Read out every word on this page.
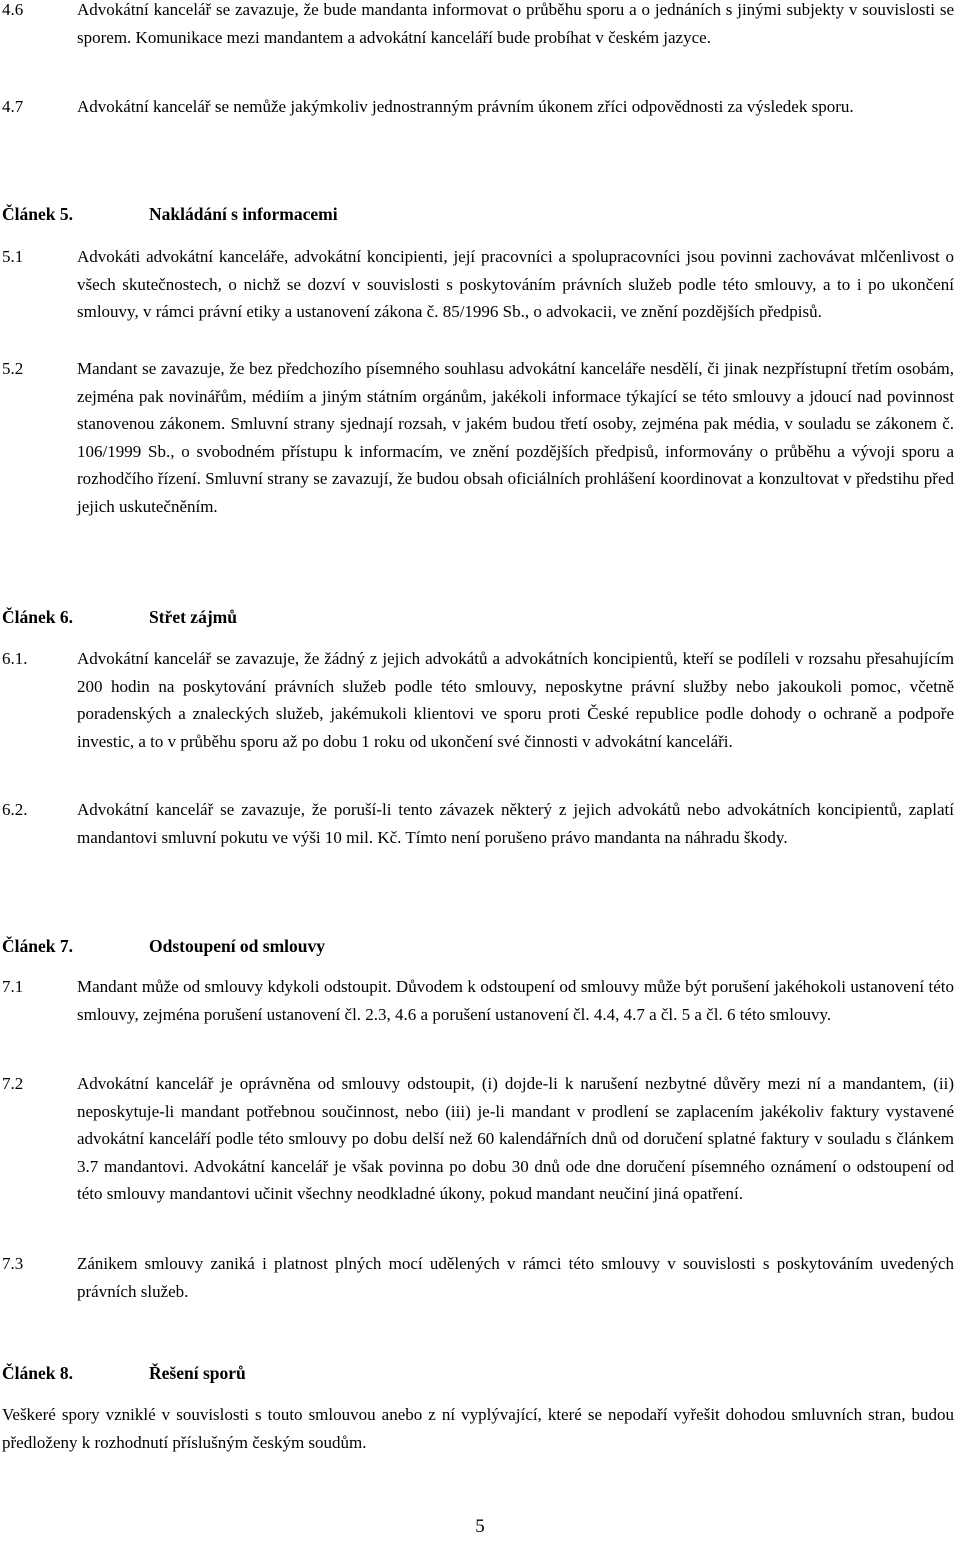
4.6	Advokátní kancelář se zavazuje, že bude mandanta informovat o průběhu sporu a o jednáních s jinými subjekty v souvislosti se sporem. Komunikace mezi mandantem a advokátní kanceláří bude probíhat v českém jazyce.
4.7	Advokátní kancelář se nemůže jakýmkoliv jednostranným právním úkonem zříci odpovědnosti za výsledek sporu.
Článek 5.	Nakládání s informacemi
5.1	Advokáti advokátní kanceláře, advokátní koncipienti, její pracovníci a spolupracovníci jsou povinni zachovávat mlčenlivost o všech skutečnostech, o nichž se dozví v souvislosti s poskytováním právních služeb podle této smlouvy, a to i po ukončení smlouvy, v rámci právní etiky a ustanovení zákona č. 85/1996 Sb., o advokacii, ve znění pozdějších předpisů.
5.2	Mandant se zavazuje, že bez předchozího písemného souhlasu advokátní kanceláře nesdělí, či jinak nezpřístupní třetím osobám, zejména pak novinářům, médiím a jiným státním orgánům, jakékoli informace týkající se této smlouvy a jdoucí nad povinnost stanovenou zákonem. Smluvní strany sjednají rozsah, v jakém budou třetí osoby, zejména pak média, v souladu se zákonem č. 106/1999 Sb., o svobodném přístupu k informacím, ve znění pozdějších předpisů, informovány o průběhu a vývoji sporu a rozhodčího řízení. Smluvní strany se zavazují, že budou obsah oficiálních prohlášení koordinovat a konzultovat v předstihu před jejich uskutečněním.
Článek 6.	Střet zájmů
6.1.	Advokátní kancelář se zavazuje, že žádný z jejich advokátů a advokátních koncipientů, kteří se podíleli v rozsahu přesahujícím 200 hodin na poskytování právních služeb podle této smlouvy, neposkytne právní služby nebo jakoukoli pomoc, včetně poradenských a znaleckých služeb, jakémukoli klientovi ve sporu proti České republice podle dohody o ochraně a podpoře investic, a to v průběhu sporu až po dobu 1 roku od ukončení své činnosti v advokátní kanceláři.
6.2.	Advokátní kancelář se zavazuje, že poruší-li tento závazek některý z jejich advokátů nebo advokátních koncipientů, zaplatí mandantovi smluvní pokutu ve výši 10 mil. Kč. Tímto není porušeno právo mandanta na náhradu škody.
Článek 7.	Odstoupení od smlouvy
7.1	Mandant může od smlouvy kdykoli odstoupit. Důvodem k odstoupení od smlouvy může být porušení jakéhokoli ustanovení této smlouvy, zejména porušení ustanovení čl. 2.3, 4.6 a porušení ustanovení čl. 4.4, 4.7 a čl. 5 a čl. 6 této smlouvy.
7.2	Advokátní kancelář je oprávněna od smlouvy odstoupit, (i) dojde-li k narušení nezbytné důvěry mezi ní a mandantem, (ii) neposkytuje-li mandant potřebnou součinnost, nebo (iii) je-li mandant v prodlení se zaplacením jakékoliv faktury vystavené advokátní kanceláří podle této smlouvy po dobu delší než 60 kalendářních dnů od doručení splatné faktury v souladu s článkem 3.7 mandantovi. Advokátní kancelář je však povinna po dobu 30 dnů ode dne doručení písemného oznámení o odstoupení od této smlouvy mandantovi učinit všechny neodkladné úkony, pokud mandant neučiní jiná opatření.
7.3	Zánikem smlouvy zaniká i platnost plných mocí udělených v rámci této smlouvy v souvislosti s poskytováním uvedených právních služeb.
Článek 8.	Řešení sporů
Veškeré spory vzniklé v souvislosti s touto smlouvou anebo z ní vyplývající, které se nepodaří vyřešit dohodou smluvních stran, budou předloženy k rozhodnutí příslušným českým soudům.
5
